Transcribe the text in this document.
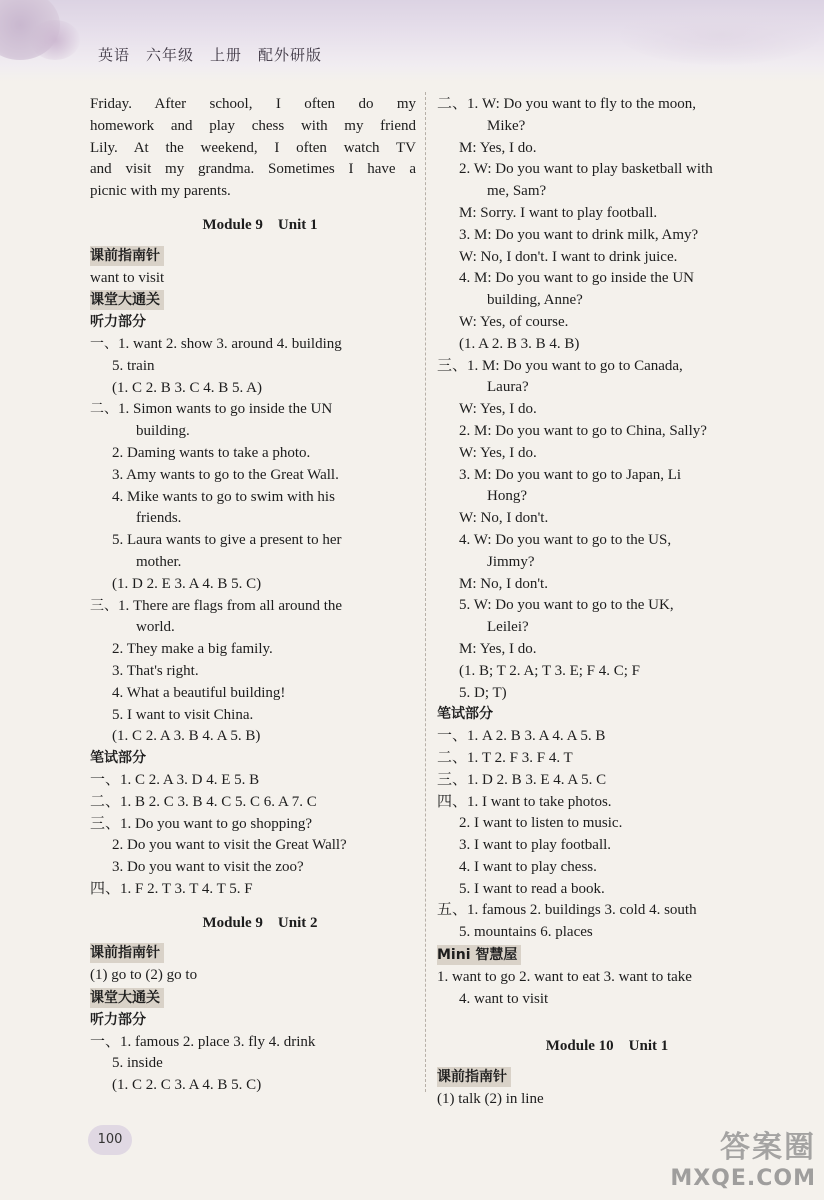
英语　六年级　上册　配外研版
Friday. After school, I often do my
homework and play chess with my friend
Lily. At the weekend, I often watch TV
and visit my grandma. Sometimes I have a
picnic with my parents.
Module 9　Unit 1
课前指南针
want to visit
课堂大通关
听力部分
一、1. want 2. show 3. around 4. building
5. train
(1. C 2. B 3. C 4. B 5. A)
二、1. Simon wants to go inside the UN
building.
2. Daming wants to take a photo.
3. Amy wants to go to the Great Wall.
4. Mike wants to go to swim with his
friends.
5. Laura wants to give a present to her
mother.
(1. D 2. E 3. A 4. B 5. C)
三、1. There are flags from all around the
world.
2. They make a big family.
3. That's right.
4. What a beautiful building!
5. I want to visit China.
(1. C 2. A 3. B 4. A 5. B)
笔试部分
一、1. C 2. A 3. D 4. E 5. B
二、1. B 2. C 3. B 4. C 5. C 6. A 7. C
三、1. Do you want to go shopping?
2. Do you want to visit the Great Wall?
3. Do you want to visit the zoo?
四、1. F 2. T 3. T 4. T 5. F
Module 9　Unit 2
课前指南针
(1) go to (2) go to
课堂大通关
听力部分
一、1. famous 2. place 3. fly 4. drink
5. inside
(1. C 2. C 3. A 4. B 5. C)
二、1. W: Do you want to fly to the moon,
Mike?
M: Yes, I do.
2. W: Do you want to play basketball with
me, Sam?
M: Sorry. I want to play football.
3. M: Do you want to drink milk, Amy?
W: No, I don't. I want to drink juice.
4. M: Do you want to go inside the UN
building, Anne?
W: Yes, of course.
(1. A 2. B 3. B 4. B)
三、1. M: Do you want to go to Canada,
Laura?
W: Yes, I do.
2. M: Do you want to go to China, Sally?
W: Yes, I do.
3. M: Do you want to go to Japan, Li
Hong?
W: No, I don't.
4. W: Do you want to go to the US,
Jimmy?
M: No, I don't.
5. W: Do you want to go to the UK,
Leilei?
M: Yes, I do.
(1. B; T 2. A; T 3. E; F 4. C; F
5. D; T)
笔试部分
一、1. A 2. B 3. A 4. A 5. B
二、1. T 2. F 3. F 4. T
三、1. D 2. B 3. E 4. A 5. C
四、1. I want to take photos.
2. I want to listen to music.
3. I want to play football.
4. I want to play chess.
5. I want to read a book.
五、1. famous 2. buildings 3. cold 4. south
5. mountains 6. places
Mini 智慧屋
1. want to go 2. want to eat 3. want to take
4. want to visit
Module 10　Unit 1
课前指南针
(1) talk (2) in line
100	答案圈
MXQE.COM
